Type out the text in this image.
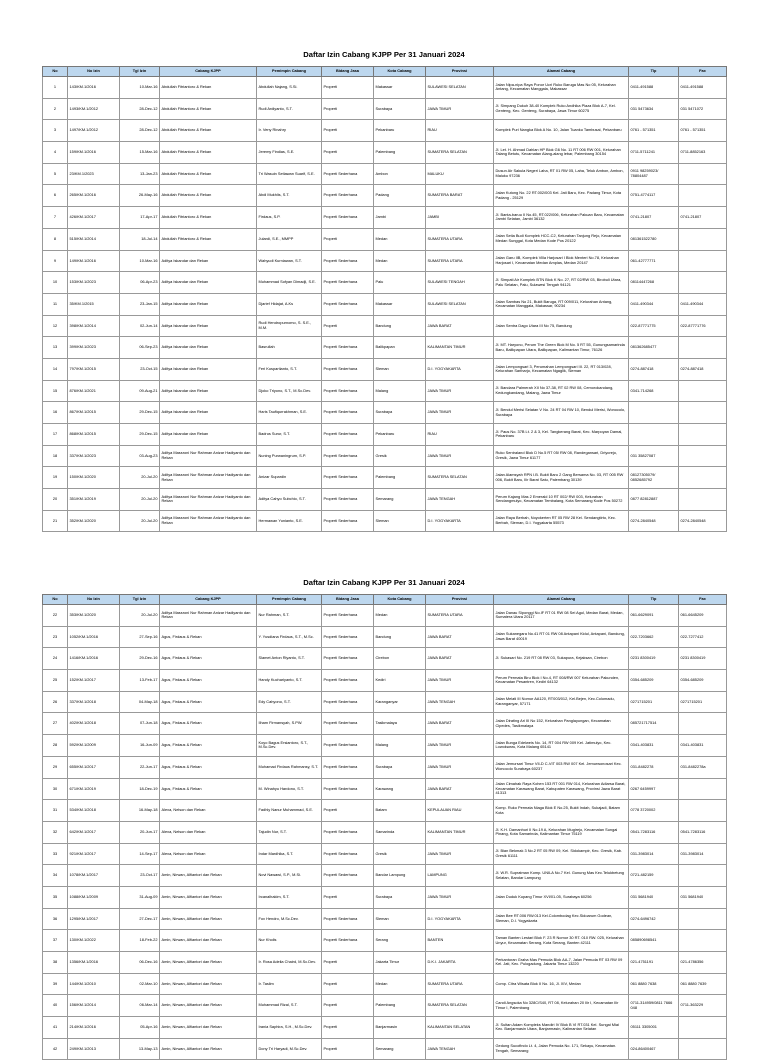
Daftar Izin Cabang KJPP Per 31 Januari 2024
No	No Izin	Tgl Izin	Cabang KJPP	Pemimpin Cabang	Bidang Jasa	Kota Cabang	Provinsi	Alamat Cabang	Tlp	Fax
1	143/KM.1/2016	10-Mar-16	Abdullah Fitriantoro & Rekan	Abdullah Najang, S.Si.	Properti	Makassar	SULAWESI SELATAN	Jalan Nipa-nipa Raya Ponor Ucri Ruko Baruga Mas No 05, Kelurahan Antang, Kecamatan Manggala, Makassar	0411-491588	0411-491588
2	1493/KM.1/2012	28-Dec-12	Abdullah Fitriantoro & Rekan	Rudi Ardiyanto, S.T.	Properti	Surabaya	JAWA TIMUR	Jl. Simpang Dukuh 38-40 Komplek Ruko Andhika Plaza Blok A-7, Kel. Genteng, Kec. Genteng, Surabaya, Jawa Timur 60275	031 5473634	031 5471072
3	1497/KM.1/2012	28-Dec-12	Abdullah Fitriantoro & Rekan	Ir. Veny Rinahry	Properti	Pekanbaru	RIAU	Komplek Puri Nangka Blok A No. 10, Jalan Tuanku Tambusai, Pekanbaru	0761 - 571351	0761 - 571351
4	159/KM.1/2016	15-Mar-16	Abdullah Fitriantoro & Rekan	Jeremy Findias, S.E.	Properti	Palembang	SUMATERA SELATAN	Jl. Let. H. Ahmad Dahlan HP Blok G6 No. 11 RT 006 RW 001, Kelurahan Talang Betutu, Kecamatan Alang-alang lebar, Palembang 30154	0711-5711241	0711-8852163
5	23/KM.1/2023	13-Jan-23	Abdullah Fitriantoro & Rekan	Tri Wasuin Setiawan Suarif, S.E.	Properti Sederhana	Ambon	MALUKU	Dusun Air Sakula Negeri Laha, RT 01 RW 05, Laha, Teluk Ambon, Ambon, Maluku 97236	0911 98259023/ 78804487	
6	265/KM.1/2016	26-May-16	Abdullah Fitriantoro & Rekan	Abdi Mukhlis, S.T.	Properti Sederhana	Padang	SUMATERA BARAT	Jalan Kutong No. 22 RT.002/003 Kel. Jati Baru, Kec. Padang Timur, Kota Padang - 25129	0751-4774117	
7	426/KM.1/2017	17-Apr-17	Abdullah Fitriantoro & Rekan	Firdaus, S.P.	Properti Sederhana	Jambi	JAMBI	Jl. Banta-baruu II No.45, RT.022/006, Kelurahan Pakuan Baru, Kecamatan Jambi Selatan, Jambi 36132	0741-21807	0741-21807
8	515/KM.1/2014	18-Jul-14	Abdullah Fitriantoro & Rekan	Julardi, S.E., MMPP	Properti	Medan	SUMATERA UTARA	Jalan Setia Budi Komplek HCC-C2, Kelurahan Tanjung Rejo, Kecamatan Medan Sunggal, Kota Medan Kode Pos 20122	081361522780	
9	149/KM.1/2016	10-Mar-16	Aditya Iskandar dan Rekan	Wahyudi Kurniawan, S.T.	Properti Sederhana	Medan	SUMATERA UTARA	Jalan Garu IIB, Komplek Villa Harjosari I Blok Menteri No.78, Kelurahan Harjosari I, Kecamatan Medan Amplas, Medan 20147	061-42777771	
10	153/KM.1/2023	06-Apr-23	Aditya Iskandar dan Rekan	Muhammad Sofyan Dimadji, S.E.	Properti Sederhana	Palu	SULAWESI TENGAH	Jl. Simpati Air Komplek BTN Blok K No. 27, RT 02/RW 03, Birobuli Utara, Palu Selatan, Palu, Sulawesi Tengah 94121	08114447268	
11	35/KM.1/2015	23-Jan-15	Aditya Iskandar dan Rekan	Djarief Hidajat, A.Ks	Properti Sederhana	Makassar	SULAWESI SELATAN	Jalan Sambas No 21, Bukit Baruga, RT 009/011, Kelurahan Antang, Kecamatan Manggala, Makassar, 90234	0411-490344	0411-490344
12	398/KM.1/2014	02-Jun-14	Aditya Iskandar dan Rekan	Rudi Hendropurnomo, S. S.E., M.M.	Properti	Bandung	JAWA BARAT	Jalan Sentra Dago Utara III No 75, Bandung	022-87771775	022-87771776
13	399/KM.1/2023	06-Sep-23	Aditya Iskandar dan Rekan	Basrullah	Properti Sederhana	Balikpapan	KALIMANTAN TIMUR	Jl. MT. Haryono, Perum The Green Blok M No. 5 RT 55, Gunungsamarinda Baru, Balikpapan Utara, Balikpapan, Kalimantan Timur, 76126	081362685477	
14	797/KM.1/2015	23-Oct-15	Aditya Iskandar dan Rekan	Feri Kuspartianto, S.T.	Properti Sederhana	Sleman	D.I. YOGYAKARTA	Jalan Lempongsari 3, Perumahan Lempongsari III. 22, RT 013/028, Kelurahan Sariharjo, Kecamatan Ngaglik, Sleman	0274-887418	0274-887418
15	876/KM.1/2021	09-Aug-21	Aditya Iskandar dan Rekan	Djoko Triyono, S.T., M.Sc.Dev.	Properti Sederhana	Malang	JAWA TIMUR	Jl. Bandara Palmerah XII No 37-38, RT 02 RW 08, Cemorokandang, Kedungkandang, Malang, Jawa Timur	0341-714268	
16	867/KM.1/2015	29-Dec-15	Aditya Iskandar dan Rekan	Haris Taufiqurrakhman, S.E.	Properti Sederhana	Surabaya	JAWA TIMUR	Jl. Bendul Merisi Selatan V No. 24 RT 04 RW 10, Bendul Merisi, Wonocolo, Surabaya		
17	868/KM.1/2015	29-Dec-15	Aditya Iskandar dan Rekan	Badrus Surur, S.T.	Properti Sederhana	Pekanbaru	RIAU	Jl. Paus No. 37B Lt. 2 & 3, Kel. Tangkerang Barat, Kec. Marpoyan Damai, Pekanbaru		
18	337/KM.1/2023	03-Aug-23	Aditya Massroni Nur Rahman Anizar Hadiyanto dan Rekan	Nuning Purwaningrum, S.P.	Properti Sederhana	Gresik	JAWA TIMUR	Ruko Sentraland Blok D No.5 RT 05/ RW 08, Randegansari, Driyorejo, Gresik, Jawa Timur 61177	031 35827087	
19	150/KM.1/2020	20-Jul-20	Aditya Massroni Nur Rahman Anizar Hadiyanto dan Rekan	Anizar Supardin	Properti Sederhana	Palembang	SUMATERA SELATAN	Jalan Alamsyah RPN I.B. Bukit Baru 2 Gang Bersama No. 03, RT 005 RW 006, Bukit Baru, Ilir Barat Satu, Palembang 30139	08127305079/ 0852685792	
20	351/KM.1/2019	20-Jul-20	Aditya Massroni Nur Rahman Anizar Hadiyanto dan Rekan	Aditya Cahyo Subchio, S.T.	Properti Sederhana	Semarang	JAWA TENGAH	Perum Kajang Mas 2 Emerald 10 RT 002/ RW 003, Kelurahan Sendangmulyo, Kecamatan Tembalang, Kota Semarang Kode Pos 50272	0877 82812887	
21	352/KM.1/2020	20-Jul-20	Aditya Massroni Nur Rahman Anizar Hadiyanto dan Rekan	Hermawan Yunianto, S.E.	Properti Sederhana	Sleman	D.I. YOGYAKARTA	Jalan Raya Berbah, Noyokerten RT 05 RW 28 Kel. Sendangtirto, Kec. Berbah, Sleman, D.I. Yogyakarta 55573	0274-2840548	0274-2840548
Daftar Izin Cabang KJPP Per 31 Januari 2024
No	No Izin	Tgl Izin	Cabang KJPP	Pemimpin Cabang	Bidang Jasa	Kota Cabang	Provinsi	Alamat Cabang	Tlp	Fax
22	353/KM.1/2020	20-Jul-20	Aditya Massroni Nur Rahman Anizar Hadiyanto dan Rekan	Nur Rahman, S.T.	Properti Sederhana	Medan	SUMATERA UTARA	Jalan Danau Siponggi No.IF RT 01 RW 08 Sei Agul, Medan Barat, Medan, Sumatera Utara 20117	061-6629091	061-6645209
23	1052/KM.1/2016	27-Sep-16	Agus, Firdaus & Rekan	Y. Yusdiana Firdaus, S.T., M.Sc.	Properti Sederhana	Bandung	JAWA BARAT	Jalan Sukanegara No.41 RT 01 RW 08 Antapani Kidul, Antapani, Bandung, Jawa Barat 40019	022-7203662	022-7277412
24	1416/KM.1/2016	29-Dec-16	Agus, Firdaus & Rekan	Slamet Anton Riyanto, S.T.	Properti Sederhana	Cirebon	JAWA BARAT	Jl. Sukasari No. 219 RT 08 RW 03, Sukapura, Kejaksan, Cirebon	0231 8300419	0231 8300419
25	152/KM.1/2017	13-Feb-17	Agus, Firdaus & Rekan	Handy Kuchariyanto, S.T.	Properti Sederhana	Kediri	JAWA TIMUR	Perum Permata Biru Blok I No.4, RT 008/RW 007 Kelurahan Pakunden, Kecamatan Pesantren, Kediri 64132	0354-685209	0354-685209
26	337/KM.1/2018	04-May-18	Agus, Firdaus & Rekan	Edy Cahyono, S.T.	Properti Sederhana	Karanganyar	JAWA TENGAH	Jalan Melati III Nomor AA120, RT003/012, Kel.Bejen, Kec.Colomadu, Karanganyar, 57171	0271715201	0271715201
27	402/KM.1/2018	07-Jun-18	Agus, Firdaus & Rekan	Ilham Firmansyah, S.PW.	Properti Sederhana	Tasikmalaya	JAWA BARAT	Jalan Dirating Ari III No 152, Kelurahan Panglayungan, Kecamatan Cipedes, Tasikmalaya	085721717514	
28	592/KM.1/2009	16-Jun-09	Agus, Firdaus & Rekan	Koyo Bagus Ersiantoro, S.T., M.Sc.Dev.	Properti Sederhana	Malang	JAWA TIMUR	Jalan Bunga Edelweis No. 14, RT 004 RW 009 Kel. Jatimulyo, Kec. Lowokwaru, Kota Malang 65141	0341-403831	0341-403831
29	655/KM.1/2017	22-Jun-17	Agus, Firdaus & Rekan	Muhamad Firdaus Rahmansy, S.T.	Properti Sederhana	Surabaya	JAWA TIMUR	Jalan Jemursari Timur VII-D C-VIT 003 RW 007 Kel. Jemurwonosari Kec. Wonocolo Surabaya 60237	031-8482278	031-8482278a
30	671/KM.1/2019	18-Dec-19	Agus, Firdaus & Rekan	M. Winahyu Hardono, S.T.	Properti Sederhana	Karawang	JAWA BARAT	Jalan Cimahak Raya Kohen 153 RT 001 RW 014, Kelurahan Adiarsa Barat, Kecamatan Karawang Barat, Kabupaten Karawang, Provinsi Jawa Barat 41313	0267 6459997	
31	534/KM.1/2018	16-May-18	Alexa, Nelson dan Rekan	Fadhly Nanur Muhammad, S.E.	Properti	Batam	KEPULAUAN RIAU	Komp. Ruko Permata Niaga Blok E No.25, Bukit Indah, Sukajadi, Batam Kota	0778 3720002	
32	642/KM.1/2017	20-Jun-17	Alexa, Nelson dan Rekan	Tajudin Nur, S.T.	Properti Sederhana	Samarinda	KALIMANTAN TIMUR	Jl. K.H. Damanhuri II No.19 A, Kelurahan Mugirejo, Kecamatan Sungai Pinang, Kota Samarinda, Kalimantan Timur 75119	0541-7283116	0541-7283116
33	921/KM.1/2017	14-Sep-17	Alexa, Nelson dan Rekan	Indar Mardhika, S.T.	Properti Sederhana	Gresik	JAWA TIMUR	Jl. Bian Bekmak 3 No.2 RT 05 RW 09, Kel. Sidokampir, Kec. Gresik, Kab. Gresik 61111	031-3983014	031-3983014
34	1078/KM.1/2017	23-Oct-17	Amin, Nirwan, Alfiantori dan Rekan	Novi Nawawi, S.P., M.Si.	Properti Sederhana	Bandar Lampung	LAMPUNG	Jl. W.R. Supratman Komp. UNILA No.7 Kel. Gunung Mas Kec.Telukbetung Selatan, Bandar Lampung	0721-482159	
35	1088/KM.1/2009	31-Aug-09	Amin, Nirwan, Alfiantori dan Rekan	Ircanalhakim, S.T.	Properti	Surabaya	JAWA TIMUR	Jalan Duduk Kupang Timur XVI/01-05, Surabaya 60256	031 5681940	031 5681940
36	1295/KM.1/2017	27-Dec-17	Amin, Nirwan, Alfiantori dan Rekan	Fox Hendro, M.Sc.Dev.	Properti Sederhana	Sleman	D.I. YOGYAKARTA	Jalan Bee RT.006 RW.013 Kel.Colombodag Kec.Sidoarum Godean, Sleman, D.I. Yogyakarta	0274-6496742	
37	130/KM.1/2022	18-Feb-22	Amin, Nirwan, Alfiantori dan Rekan	Nur Kholis	Properti Sederhana	Serang	BANTEN	Taman Banten Lestari Blok F. 23 R Nomor 30 RT. 010 RW. 025, Kelurahan Unyur, Kecamatan Serang, Kota Serang, Banten 42111	085890698541	
38	1356/KM.1/2016	06-Dec-16	Amin, Nirwan, Alfiantori dan Rekan	Ir. Rosa Adelia Chaird, M.Sc.Dev.	Properti	Jakarta Timur	D.K.I. JAKARTA	Perkantoran Graha Mas Pemuda Blok AA-7, Jalan Pemuda RT 03 RW 09 Kel. Jati, Kec. Pulogadung, Jakarta Timur 13220	021-4751191	021-4786356
39	144/KM.1/2010	02-Mar-10	Amin, Nirwan, Alfiantori dan Rekan	Ir. Taslim	Properti	Medan	SUMATERA UTARA	Comp. Citra Wisata Blok II No. 16, Jl. XIV, Medan	061 8880 7638	061 8880 7639
40	156/KM.1/2014	06-Mar-14	Amin, Nirwan, Alfiantori dan Rekan	Muhammad Rizal, S.T.	Properti	Palembang	SUMATERA SELATAN	Candi Angsoka No 328C/S40, RT 08, Kelurahan 20 Ilir I, Kecamatan Ilir Timur I, Palembang	0711-314959/0811 7666 048	0711-363229
41	214/KM.1/2016	05-Apr-16	Amin, Nirwan, Alfiantori dan Rekan	Irania Saphira, S.H., M.Sc.Dev.	Properti	Banjarmasin	KALIMANTAN SELATAN	Jl. Sultan Adam Kompleks Mandiri IV Blok B VI RT.031 Kel. Sungai Miai Kec. Banjarmasin Utara, Banjarmasin, Kalimantan Selatan	05111 3305001	
42	249/KM.1/2013	13-May-13	Amin, Nirwan, Alfiantori dan Rekan	Dony Tri Haryadi, M.Sc.Dev.	Properti	Semarang	JAWA TENGAH	Gedung Sucofindo Lt. 4, Jalan Pemuda No. 171, Sekayu, Kecamatan. Tengah, Semarang	024-86400467	
